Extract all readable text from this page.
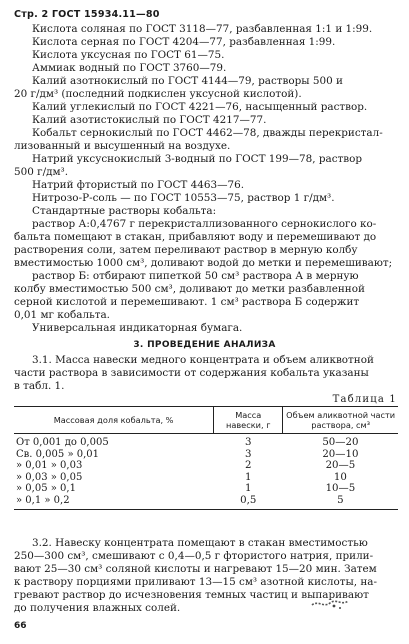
Стр. 2 ГОСТ 15934.11—80
Кислота соляная по ГОСТ 3118—77, разбавленная 1:1 и 1:99.
Кислота серная по ГОСТ 4204—77, разбавленная 1:99.
Кислота уксусная по ГОСТ 61—75.
Аммиак водный по ГОСТ 3760—79.
Калий азотнокислый по ГОСТ 4144—79, растворы 500 и
20 г/дм³ (последний подкислен уксусной кислотой).
Калий углекислый по ГОСТ 4221—76, насыщенный раствор.
Калий азотистокислый по ГОСТ 4217—77.
Кобальт сернокислый по ГОСТ 4462—78, дважды перекристал-
лизованный и высушенный на воздухе.
Натрий уксуснокислый 3-водный по ГОСТ 199—78, раствор
500 г/дм³.
Натрий фтористый по ГОСТ 4463—76.
Нитрозо-Р-соль — по ГОСТ 10553—75, раствор 1 г/дм³.
Стандартные растворы кобальта:
раствор А:0,4767 г перекристаллизованного сернокислого ко-
бальта помещают в стакан, прибавляют воду и перемешивают до
растворения соли, затем переливают раствор в мерную колбу
вместимостью 1000 см³, доливают водой до метки и перемешивают;
раствор Б: отбирают пипеткой 50 см³ раствора А в мерную
колбу вместимостью 500 см³, доливают до метки разбавленной
серной кислотой и перемешивают. 1 см³ раствора Б содержит
0,01 мг кобальта.
Универсальная индикаторная бумага.
3. ПРОВЕДЕНИЕ АНАЛИЗА
3.1. Масса навески медного концентрата и объем аликвотной
части раствора в зависимости от содержания кобальта указаны
в табл. 1.
Таблица 1
Массовая доля кобальта, %	Масса навески, г	Объем аликвотной части раствора, см³
От 0,001 до 0,005	3	50—20
Св. 0,005 » 0,01	3	20—10
» 0,01 » 0,03	2	20—5
» 0,03 » 0,05	1	10
» 0,05 » 0,1	1	10—5
» 0,1 » 0,2	0,5	5
3.2. Навеску концентрата помещают в стакан вместимостью
250—300 см³, смешивают с 0,4—0,5 г фтористого натрия, прили-
вают 25—30 см³ соляной кислоты и нагревают 15—20 мин. Затем
к раствору порциями приливают 13—15 см³ азотной кислоты, на-
гревают раствор до исчезновения темных частиц и выпаривают
до получения влажных солей.
66
